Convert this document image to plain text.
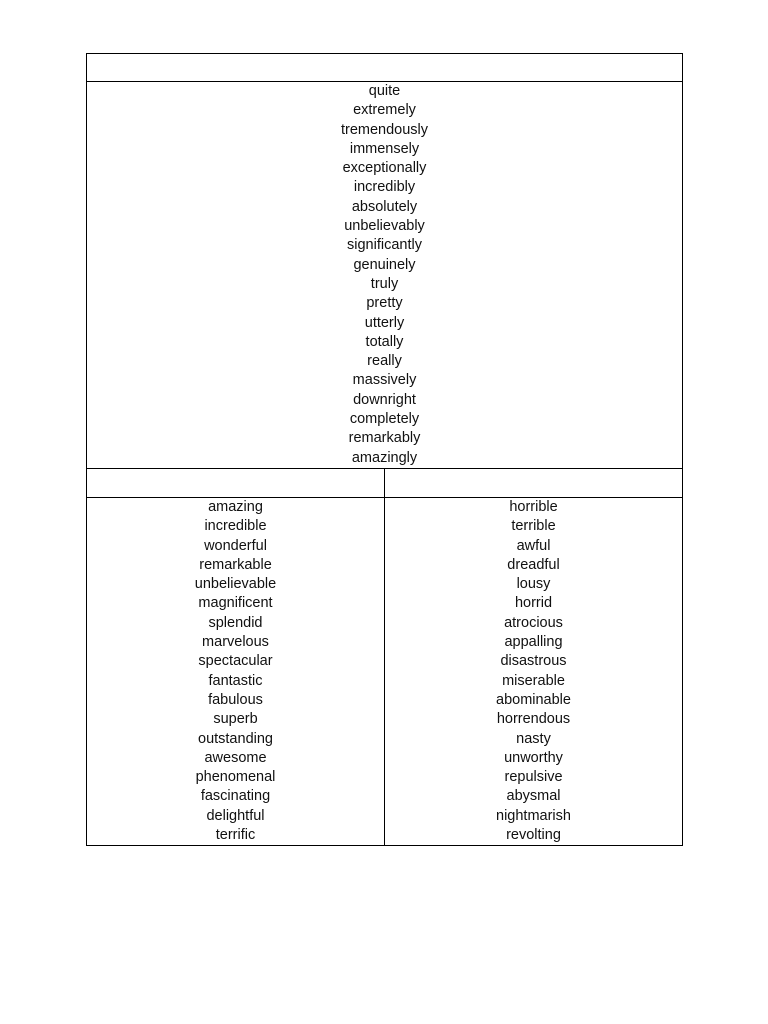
quite
extremely
tremendously
immensely
exceptionally
incredibly
absolutely
unbelievably
significantly
genuinely
truly
pretty
utterly
totally
really
massively
downright
completely
remarkably
amazingly
amazing
incredible
wonderful
remarkable
unbelievable
magnificent
splendid
marvelous
spectacular
fantastic
fabulous
superb
outstanding
awesome
phenomenal
fascinating
delightful
terrific
horrible
terrible
awful
dreadful
lousy
horrid
atrocious
appalling
disastrous
miserable
abominable
horrendous
nasty
unworthy
repulsive
abysmal
nightmarish
revolting
